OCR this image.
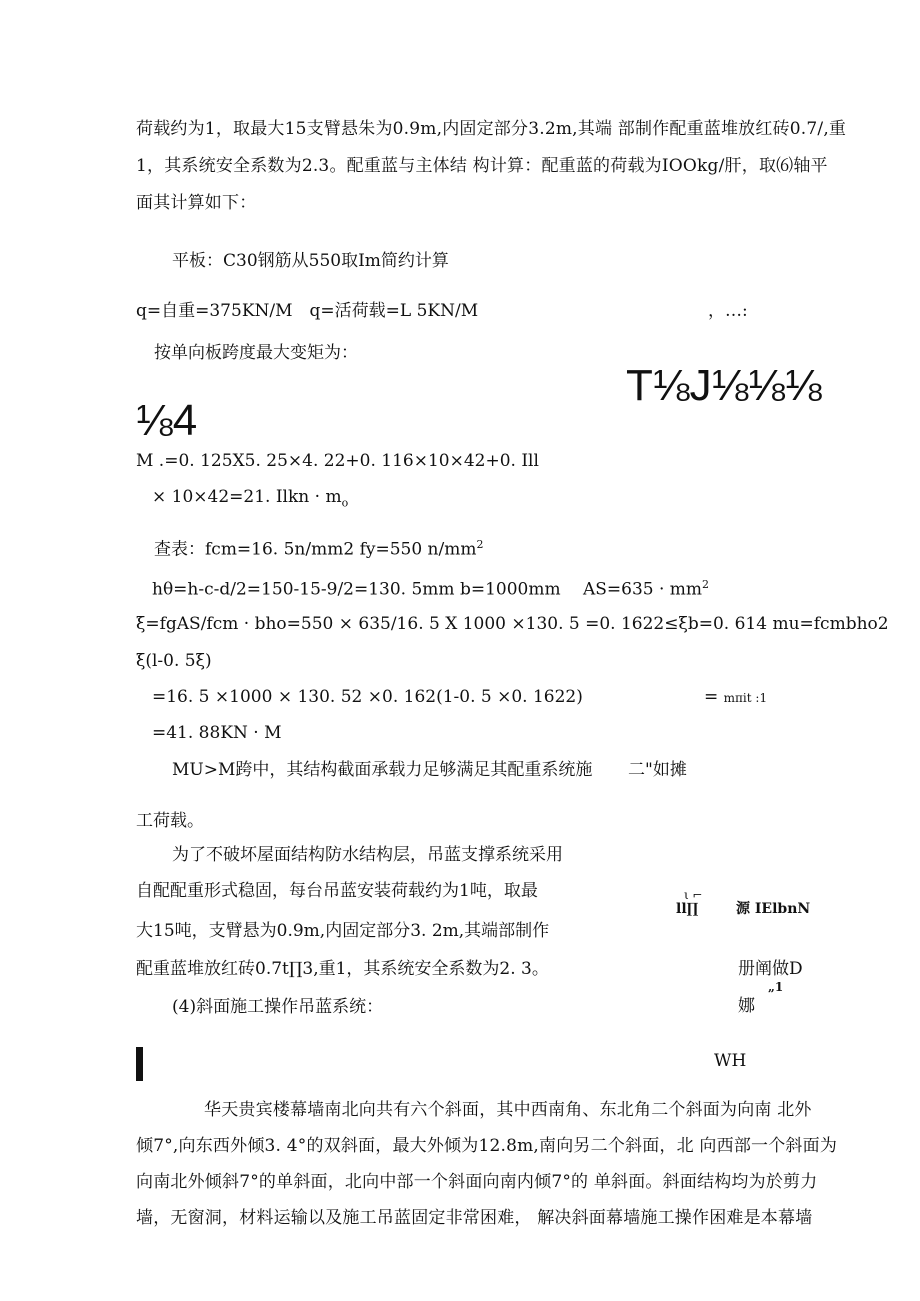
荷载约为1，取最大15支臂悬朱为0.9m,内固定部分3.2m,其端 部制作配重蓝堆放红砖0.7/,重
1，其系统安全系数为2.3。配重蓝与主体结 构计算：配重蓝的荷载为IOOkg/肝，取⑹轴平
面其计算如下：
平板：C30钢筋从550取Im简约计算
q=自重=375KN/M　q=活荷载=L 5KN/M	，…:
按单向板跨度最大变矩为：
T⅛J⅛⅛⅛
⅛4
M .=0. 125X5. 25×4. 22+0. 116×10×42+0. Ill
× 10×42=21. Ilkn · $m_o$
查表：fcm=16. 5n/mm2 fy=550 $n/mm^2$
hθ=h-c-d/2=150-15-9/2=130. 5mm b=1000mm　 $AS=635 \cdot mm^2$
ξ=fgAS/fcm · bho=550 × 635/16. 5 X 1000 ×130. 5 =0. 1622≤ξb=0. 614 mu=fcmbho2
ξ(l-0. 5ξ)
=16. 5 ×1000 × 130. 52 ×0. 162(1-0. 5 ×0. 1622)	= mπit :1
=41. 88KN · M
MU>M跨中，其结构截面承载力足够满足其配重系统施 二"如摊
工荷载。
为了不破坏屋面结构防水结构层，吊蓝支撑系统采用
自配配重形式稳固，每台吊蓝安装荷载约为1吨，取最
大15吨，支臂悬为0.9m,内固定部分3. 2m,其端部制作
配重蓝堆放红砖0.7t∏3,重1，其系统安全系数为2. 3。
ι ⌐
ll∏	源 IElbnN
册阐做D
„1
娜
(4)斜面施工操作吊蓝系统：
WH
华天贵宾楼幕墙南北向共有六个斜面，其中西南角、东北角二个斜面为向南 北外
倾7°,向东西外倾3. 4°的双斜面，最大外倾为12.8m,南向另二个斜面，北 向西部一个斜面为
向南北外倾斜7°的单斜面，北向中部一个斜面向南内倾7°的 单斜面。斜面结构均为於剪力
墙，无窗洞，材料运输以及施工吊蓝固定非常困难， 解决斜面幕墙施工操作困难是本幕墙
